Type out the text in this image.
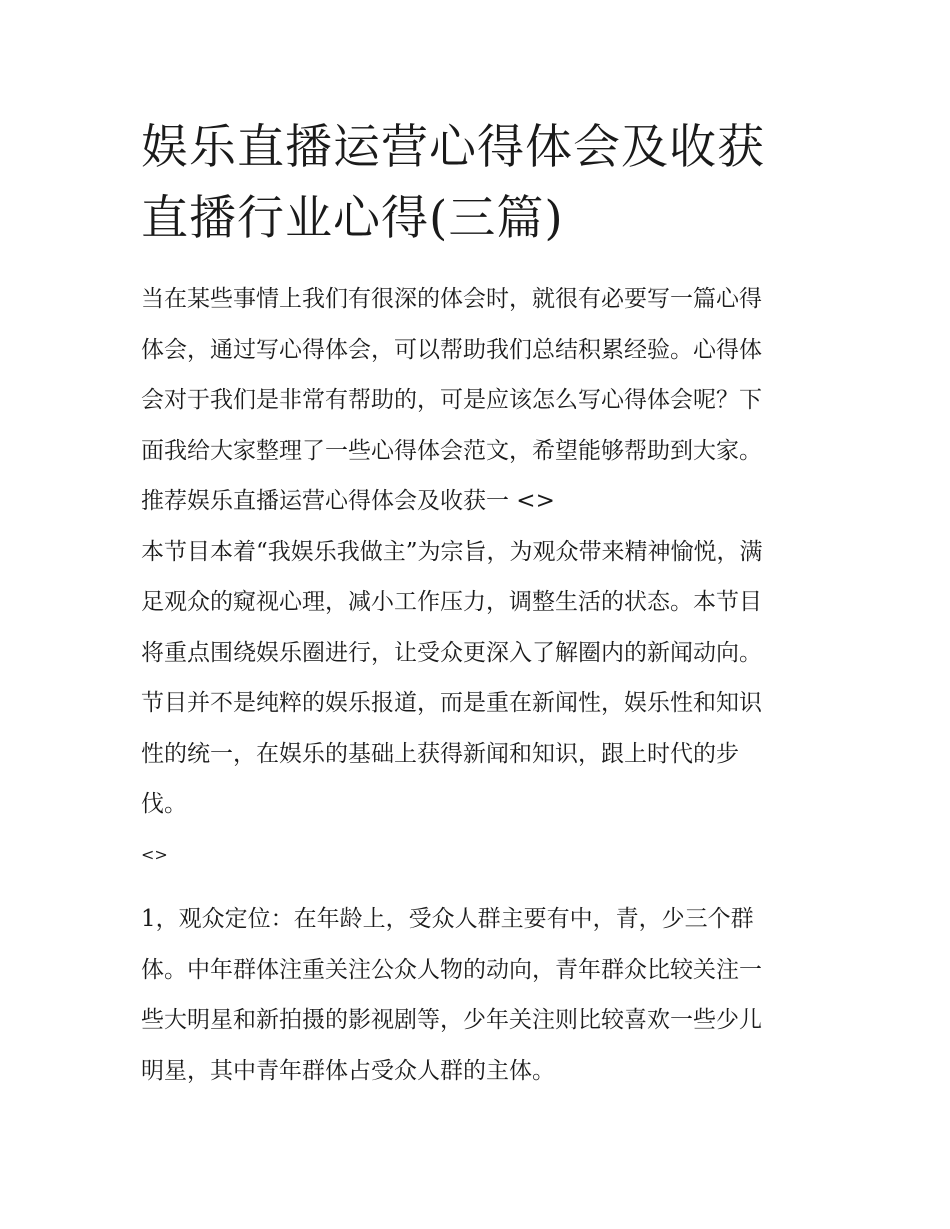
娱乐直播运营心得体会及收获
直播行业心得(三篇)

当在某些事情上我们有很深的体会时，就很有必要写一篇心得
体会，通过写心得体会，可以帮助我们总结积累经验。心得体
会对于我们是非常有帮助的，可是应该怎么写心得体会呢？下
面我给大家整理了一些心得体会范文，希望能够帮助到大家。
推荐娱乐直播运营心得体会及收获一 <>

本节目本着“我娱乐我做主”为宗旨，为观众带来精神愉悦，满
足观众的窥视心理，减小工作压力，调整生活的状态。本节目
将重点围绕娱乐圈进行，让受众更深入了解圈内的新闻动向。
节目并不是纯粹的娱乐报道，而是重在新闻性，娱乐性和知识
性的统一，在娱乐的基础上获得新闻和知识，跟上时代的步
伐。

<>

1，观众定位：在年龄上，受众人群主要有中，青，少三个群
体。中年群体注重关注公众人物的动向，青年群众比较关注一
些大明星和新拍摄的影视剧等，少年关注则比较喜欢一些少儿
明星，其中青年群体占受众人群的主体。
